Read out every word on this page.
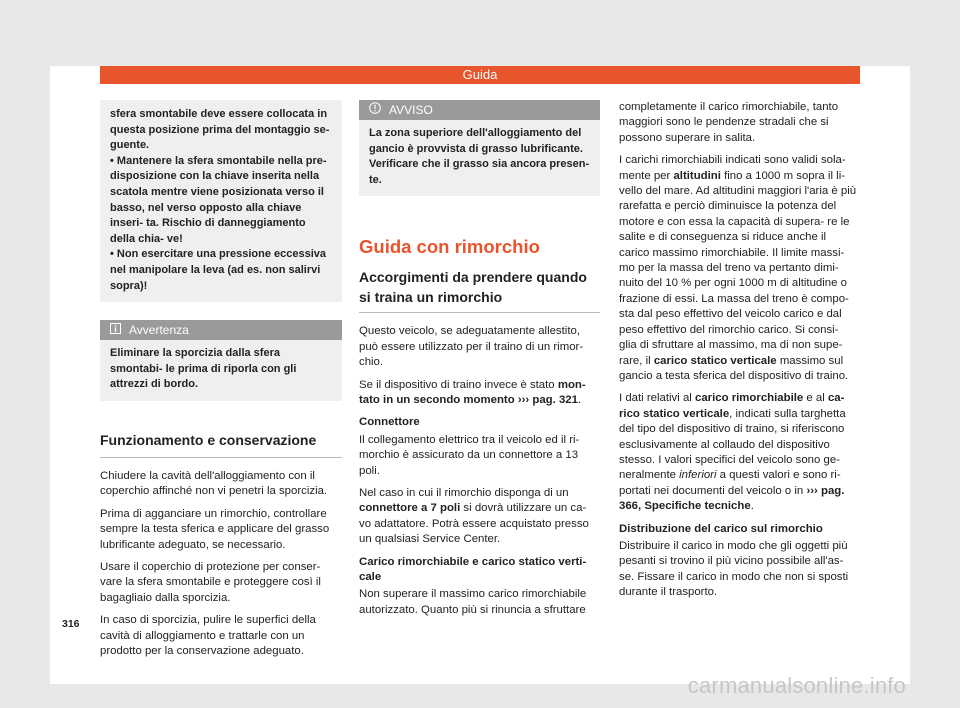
Guida

sfera smontabile deve essere collocata in questa posizione prima del montaggio se- guente.

• Mantenere la sfera smontabile nella pre- disposizione con la chiave inserita nella scatola mentre viene posizionata verso il basso, nel verso opposto alla chiave inseri- ta. Rischio di danneggiamento della chia- ve!

• Non esercitare una pressione eccessiva nel manipolare la leva (ad es. non salirvi sopra)!

Avvertenza

Eliminare la sporcizia dalla sfera smontabi- le prima di riporla con gli attrezzi di bordo.

Funzionamento e conservazione

Chiudere la cavità dell'alloggiamento con il coperchio affinché non vi penetri la sporcizia.

Prima di agganciare un rimorchio, controllare sempre la testa sferica e applicare del grasso lubrificante adeguato, se necessario.

Usare il coperchio di protezione per conser- vare la sfera smontabile e proteggere così il bagagliaio dalla sporcizia.

In caso di sporcizia, pulire le superfici della cavità di alloggiamento e trattarle con un prodotto per la conservazione adeguato.

AVVISO

La zona superiore dell'alloggiamento del gancio è provvista di grasso lubrificante. Verificare che il grasso sia ancora presen- te.

Guida con rimorchio
Accorgimenti da prendere quando si traina un rimorchio

Questo veicolo, se adeguatamente allestito, può essere utilizzato per il traino di un rimor- chio.

Se il dispositivo di traino invece è stato mon- tato in un secondo momento ››› pag. 321.

Connettore

Il collegamento elettrico tra il veicolo ed il ri- morchio è assicurato da un connettore a 13 poli.

Nel caso in cui il rimorchio disponga di un connettore a 7 poli si dovrà utilizzare un ca- vo adattatore. Potrà essere acquistato presso un qualsiasi Service Center.

Carico rimorchiabile e carico statico verti- cale

Non superare il massimo carico rimorchiabile autorizzato. Quanto più si rinuncia a sfruttare

completamente il carico rimorchiabile, tanto maggiori sono le pendenze stradali che si possono superare in salita.

I carichi rimorchiabili indicati sono validi sola- mente per altitudini fino a 1000 m sopra il li- vello del mare. Ad altitudini maggiori l'aria è più rarefatta e perciò diminuisce la potenza del motore e con essa la capacità di supera- re le salite e di conseguenza si riduce anche il carico massimo rimorchiabile. Il limite massi- mo per la massa del treno va pertanto dimi- nuito del 10 % per ogni 1000 m di altitudine o frazione di essi. La massa del treno è compo- sta dal peso effettivo del veicolo carico e dal peso effettivo del rimorchio carico. Si consi- glia di sfruttare al massimo, ma di non supe- rare, il carico statico verticale massimo sul gancio a testa sferica del dispositivo di traino.

I dati relativi al carico rimorchiabile e al ca- rico statico verticale, indicati sulla targhetta del tipo del dispositivo di traino, si riferiscono esclusivamente al collaudo del dispositivo stesso. I valori specifici del veicolo sono ge- neralmente inferiori a questi valori e sono ri- portati nei documenti del veicolo o in ››› pag. 366, Specifiche tecniche.

Distribuzione del carico sul rimorchio

Distribuire il carico in modo che gli oggetti più pesanti si trovino il più vicino possibile all'as- se. Fissare il carico in modo che non si sposti durante il trasporto.

316
carmanualsonline.info
